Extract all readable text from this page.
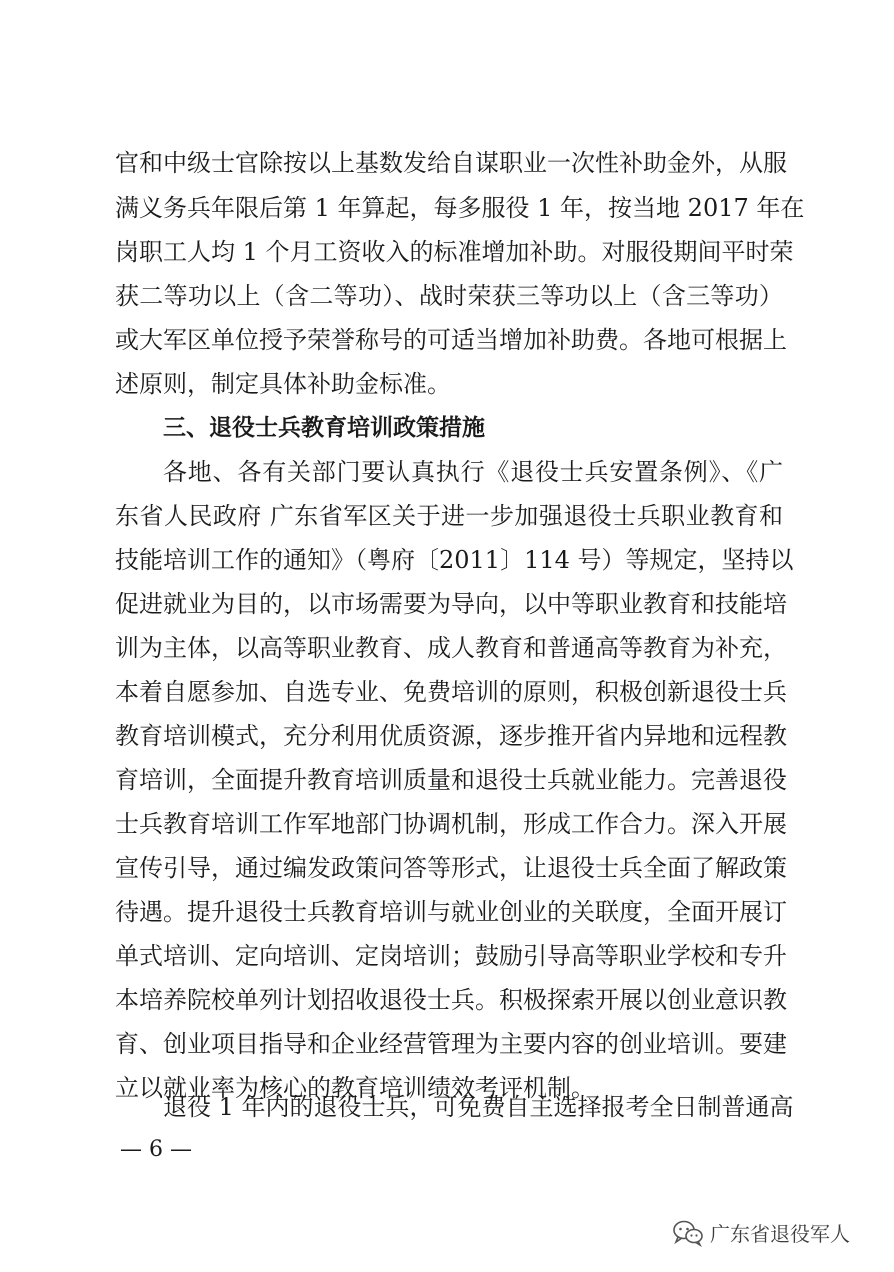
官和中级士官除按以上基数发给自谋职业一次性补助金外，从服
满义务兵年限后第 1 年算起，每多服役 1 年，按当地 2017 年在
岗职工人均 1 个月工资收入的标准增加补助。对服役期间平时荣
获二等功以上（含二等功）、战时荣获三等功以上（含三等功）
或大军区单位授予荣誉称号的可适当增加补助费。各地可根据上
述原则，制定具体补助金标准。
三、退役士兵教育培训政策措施
各地、各有关部门要认真执行《退役士兵安置条例》、《广
东省人民政府 广东省军区关于进一步加强退役士兵职业教育和
技能培训工作的通知》（粤府〔2011〕114 号）等规定，坚持以
促进就业为目的，以市场需要为导向，以中等职业教育和技能培
训为主体，以高等职业教育、成人教育和普通高等教育为补充，
本着自愿参加、自选专业、免费培训的原则，积极创新退役士兵
教育培训模式，充分利用优质资源，逐步推开省内异地和远程教
育培训，全面提升教育培训质量和退役士兵就业能力。完善退役
士兵教育培训工作军地部门协调机制，形成工作合力。深入开展
宣传引导，通过编发政策问答等形式，让退役士兵全面了解政策
待遇。提升退役士兵教育培训与就业创业的关联度，全面开展订
单式培训、定向培训、定岗培训；鼓励引导高等职业学校和专升
本培养院校单列计划招收退役士兵。积极探索开展以创业意识教
育、创业项目指导和企业经营管理为主要内容的创业培训。要建
立以就业率为核心的教育培训绩效考评机制。
退役 1 年内的退役士兵，可免费自主选择报考全日制普通高
— 6 —
广东省退役军人
